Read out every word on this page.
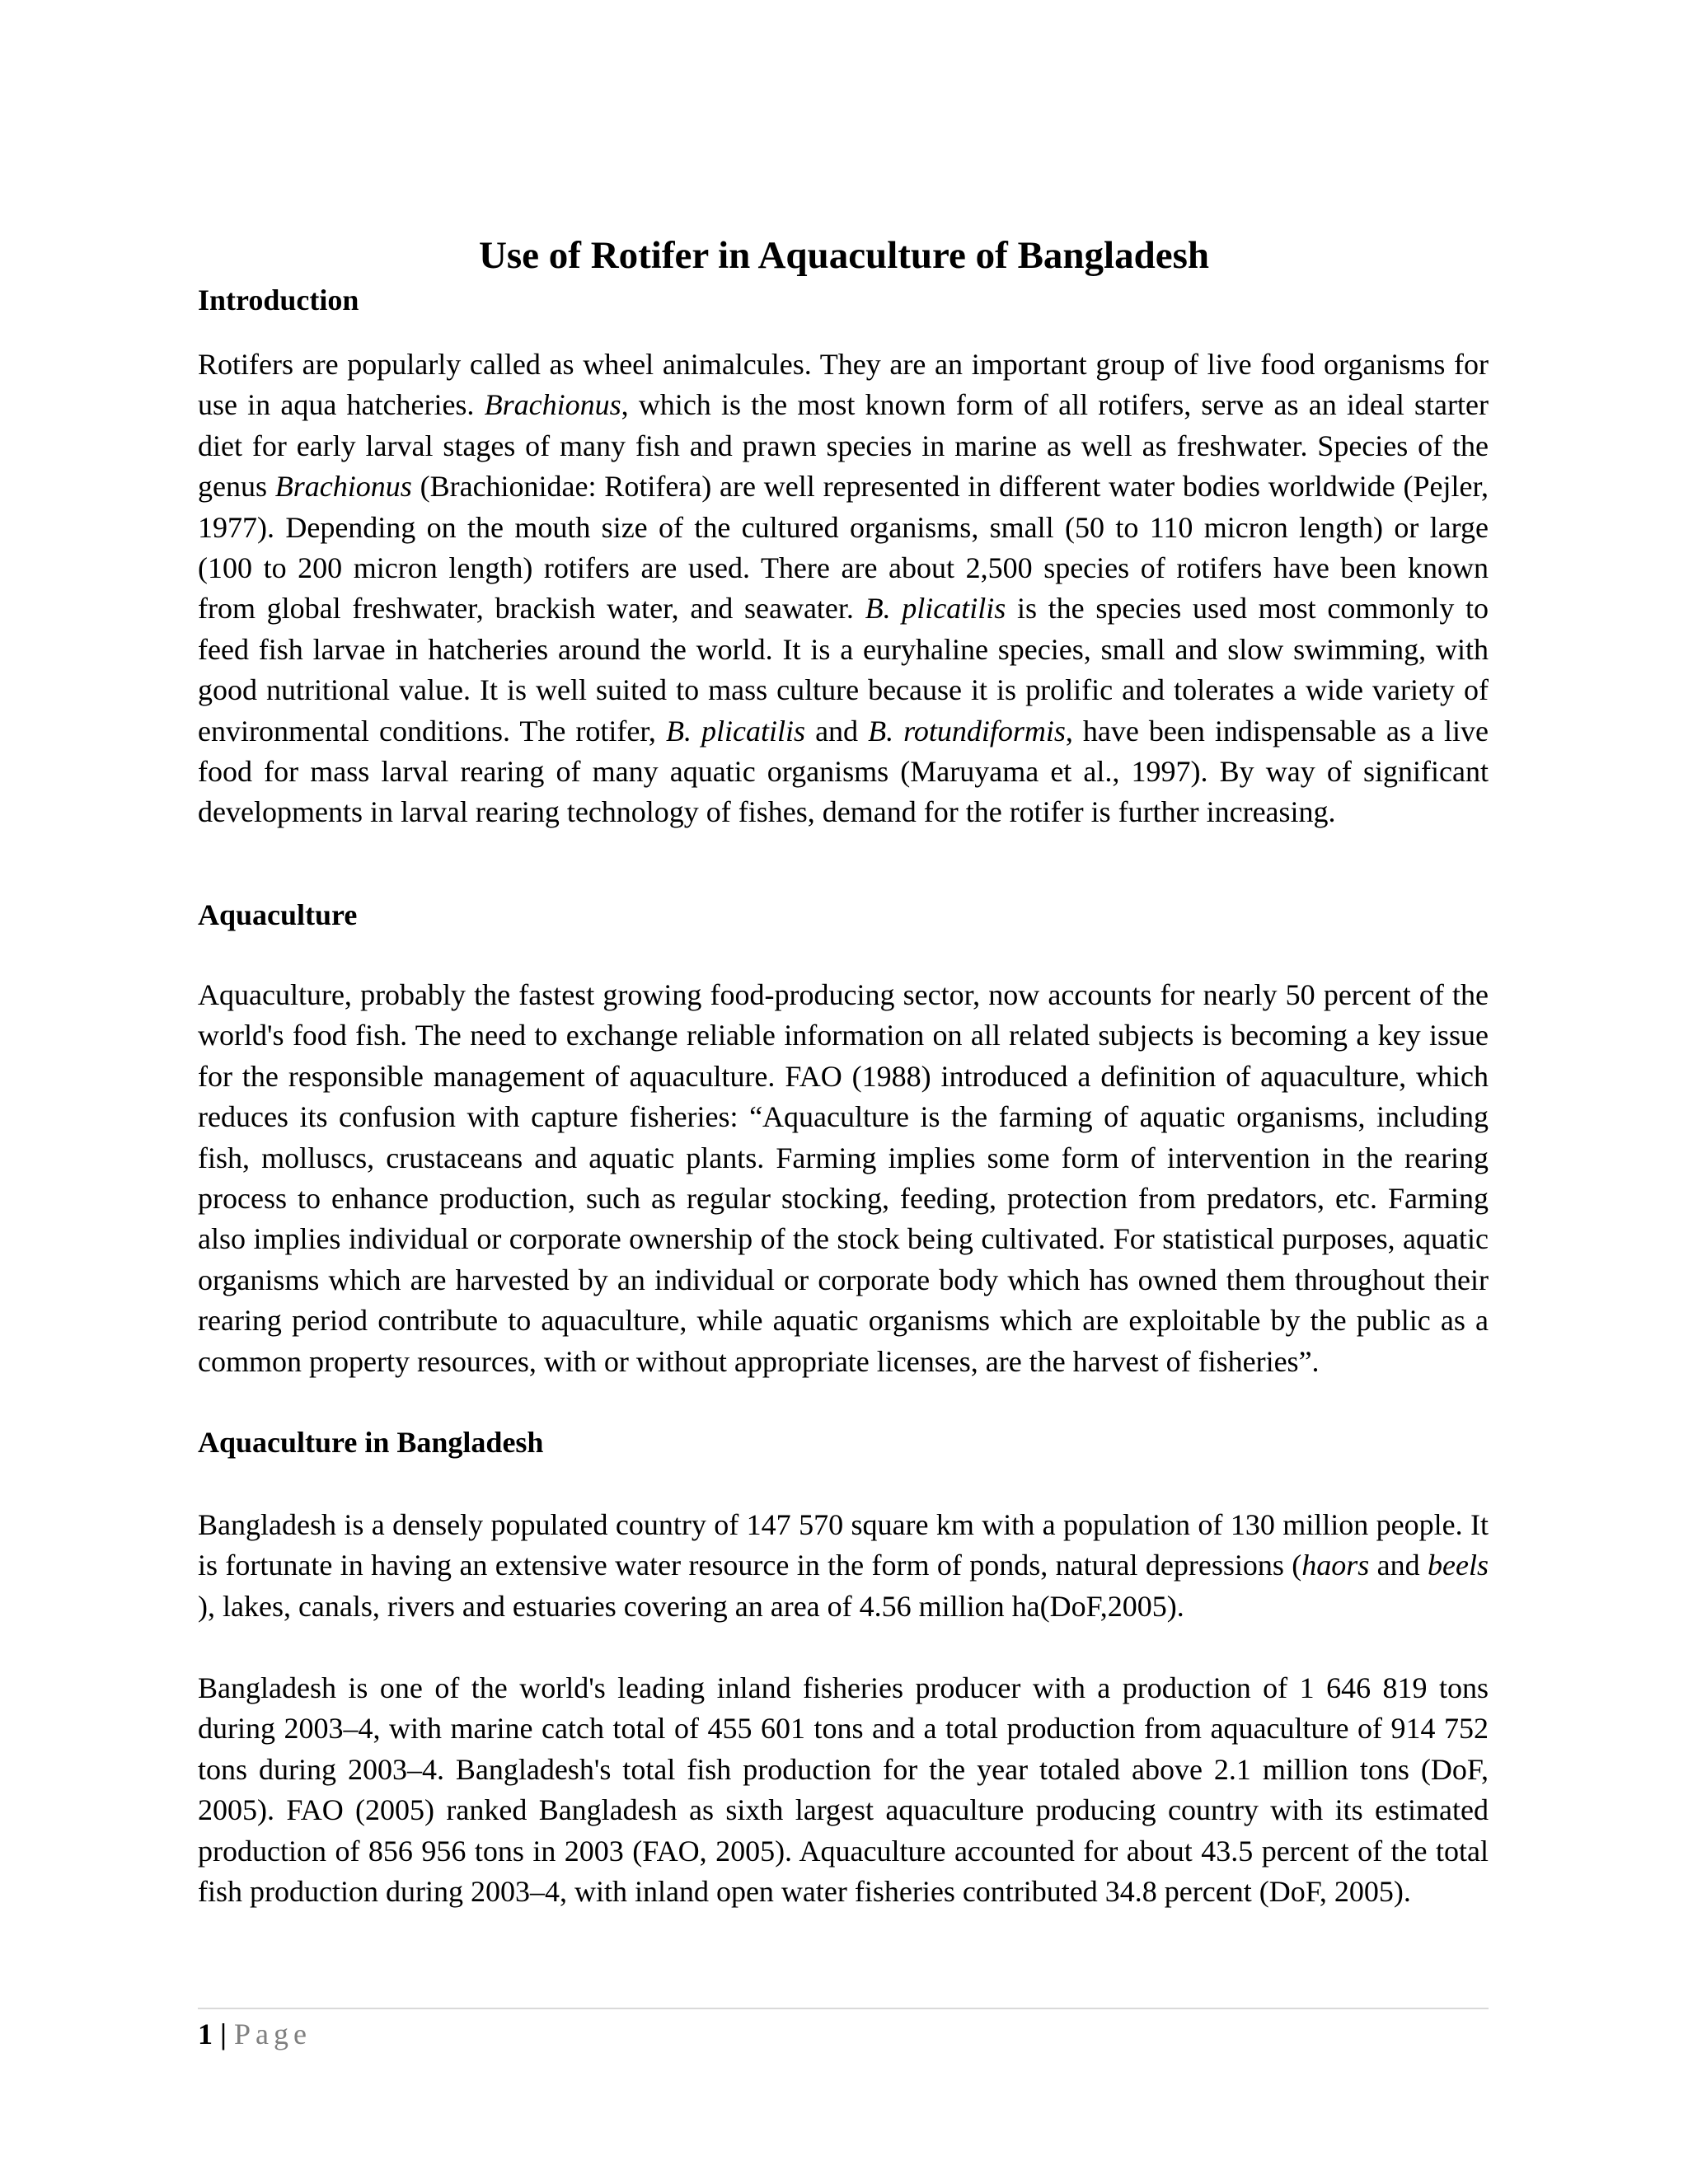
Use of Rotifer in Aquaculture of Bangladesh
Introduction

Rotifers are popularly called as wheel animalcules. They are an important group of live food organisms for use in aqua hatcheries. Brachionus, which is the most known form of all rotifers, serve as an ideal starter diet for early larval stages of many fish and prawn species in marine as well as freshwater. Species of the genus Brachionus (Brachionidae: Rotifera) are well represented in different water bodies worldwide (Pejler, 1977). Depending on the mouth size of the cultured organisms, small (50 to 110 micron length) or large (100 to 200 micron length) rotifers are used. There are about 2,500 species of rotifers have been known from global freshwater, brackish water, and seawater. B. plicatilis is the species used most commonly to feed fish larvae in hatcheries around the world. It is a euryhaline species, small and slow swimming, with good nutritional value. It is well suited to mass culture because it is prolific and tolerates a wide variety of environmental conditions. The rotifer, B. plicatilis and B. rotundiformis, have been indispensable as a live food for mass larval rearing of many aquatic organisms (Maruyama et al., 1997). By way of significant developments in larval rearing technology of fishes, demand for the rotifer is further increasing.

Aquaculture

Aquaculture, probably the fastest growing food-producing sector, now accounts for nearly 50 percent of the world's food fish. The need to exchange reliable information on all related subjects is becoming a key issue for the responsible management of aquaculture. FAO (1988) introduced a definition of aquaculture, which reduces its confusion with capture fisheries: “Aquaculture is the farming of aquatic organisms, including fish, molluscs, crustaceans and aquatic plants. Farming implies some form of intervention in the rearing process to enhance production, such as regular stocking, feeding, protection from predators, etc. Farming also implies individual or corporate ownership of the stock being cultivated. For statistical purposes, aquatic organisms which are harvested by an individual or corporate body which has owned them throughout their rearing period contribute to aquaculture, while aquatic organisms which are exploitable by the public as a common property resources, with or without appropriate licenses, are the harvest of fisheries”.

Aquaculture in Bangladesh

Bangladesh is a densely populated country of 147 570 square km with a population of 130 million people. It is fortunate in having an extensive water resource in the form of ponds, natural depressions (haors and beels ), lakes, canals, rivers and estuaries covering an area of 4.56 million ha(DoF,2005).

Bangladesh is one of the world's leading inland fisheries producer with a production of 1 646 819 tons during 2003–4, with marine catch total of 455 601 tons and a total production from aquaculture of 914 752 tons during 2003–4. Bangladesh's total fish production for the year totaled above 2.1 million tons (DoF, 2005). FAO (2005) ranked Bangladesh as sixth largest aquaculture producing country with its estimated production of 856 956 tons in 2003 (FAO, 2005). Aquaculture accounted for about 43.5 percent of the total fish production during 2003–4, with inland open water fisheries contributed 34.8 percent (DoF, 2005).

1 | Page
